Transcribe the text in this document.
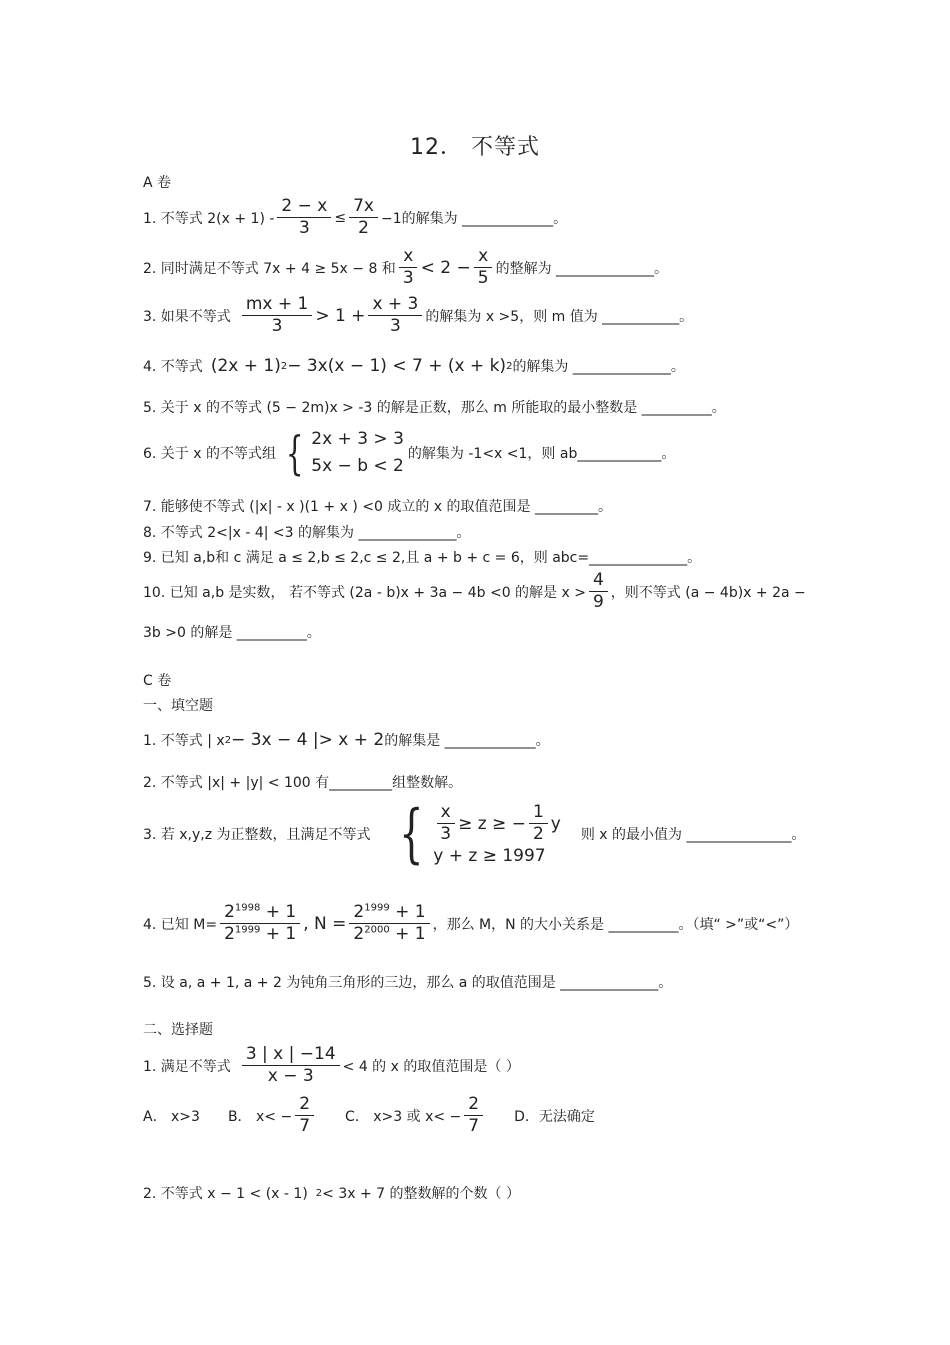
12． 不等式
A 卷
1. 不等式 $2(x + 1) - \frac{2 - x}{3} \le \frac{7x}{2} -1$的解集为 _____________。
2. 同时满足不等式 7x + 4 ≥ 5x − 8 和 $\frac{x}{3} < 2 - \frac{x}{5}$ 的整解为 ______________。
3. 如果不等式 $\frac{mx + 1}{3} > 1 + \frac{x + 3}{3}$ 的解集为 x >5，则 m 值为 ___________。
4. 不等式 (2x + 1) 2 − 3x(x − 1) < 7 + (x + k) 2 的解集为 ______________。
5. 关于 x 的不等式 (5 − 2m)x > -3 的解是正数，那么 m 所能取的最小整数是 __________。
6. 关于 x 的不等式组 { 2x + 3 > 3
5x − b < 2
的解集为 -1<x <1，则 ab____________。
7. 能够使不等式 (|x| - x )(1 + x ) <0 成立的 x 的取值范围是 _________。
8. 不等式 2<|x - 4| <3 的解集为 ______________。
9. 已知 a,b和 c 满足 a ≤ 2,b ≤ 2,c ≤ 2,且 a + b + c = 6，则 abc=______________。
10. 已知 a,b 是实数， 若不等式 (2a - b)x + 3a − 4b <0 的解是 $x > \frac{4}{9}$ ，则不等式 (a − 4b)x + 2a −
3b >0 的解是 __________。
C 卷
一、填空题
1. 不等式 | x 2 − 3x − 4 |> x + 2 的解集是 _____________。
2. 不等式 |x| + |y| < 100 有_________组整数解。
3. 若 x,y,z 为正整数，且满足不等式 { $\frac{x}{3} \ge z$ ≥ − $\frac{1}{2}$ y
y + z ≥ 1997
则 x 的最小值为 _______________。
4. 已知 $M= \frac{2^{1998} + 1}{2^{1999} + 1}$ , $N = \frac{2^{1999} + 1}{2^{2000} + 1}$ ，那么 M，N 的大小关系是 __________。（填“ >”或“<”）
5. 设 a, a + 1, a + 2 为钝角三角形的三边，那么 a 的取值范围是 ______________。
二、选择题
1. 满足不等式 $\frac{3 | x | -14}{x - 3} < 4$ 的 x 的取值范围是（ ）
A． x>3 B． $x< - \frac{2}{7}$ C． x>3 或 $x< - \frac{2}{7}$ D．无法确定
2. 不等式 x − 1 < (x - 1) 2 < 3x + 7 的整数解的个数（ ）
